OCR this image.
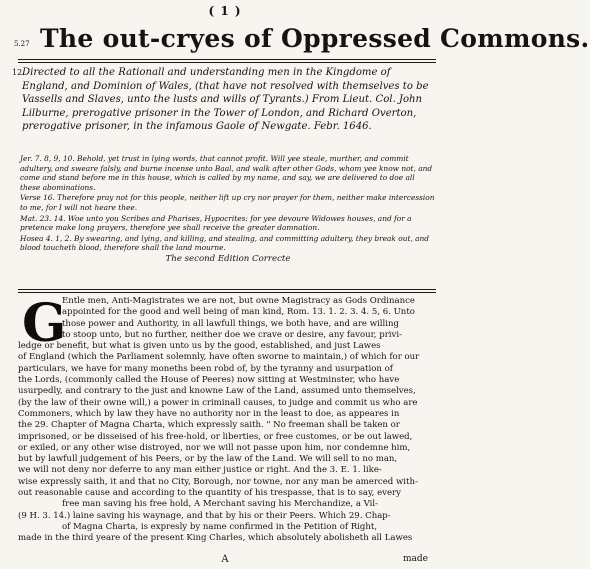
( 1 )
5.27 The out-cryes of Oppressed Commons.
12 Directed to all the Rationall and understanding men in the Kingdome of England, and Dominion of Wales, (that have not resolved with themselves to be Vassells and Slaves, unto the lusts and wills of Tyrants.) From Lieut. Col. John Lilburne, prerogative prisoner in the Tower of London, and Richard Overton, prerogative prisoner, in the infamous Gaole of Newgate. Febr. 1646.

Jer. 7. 8, 9, 10. Behold, yet trust in lying words, that cannot profit. Will yee steale, murther, and commit adultery, and sweare falsly, and burne incense unto Baal, and walk after other Gods, whom yee know not, and come and stand before me in this house, which is called by my name, and say, we are delivered to doe all these abominations.

Verse 16. Therefore pray not for this people, neither lift up cry nor prayer for them, neither make intercession to me, for I will not heare thee.

Mat. 23. 14. Woe unto you Scribes and Pharises, Hypocrites: for yee devoure Widowes houses, and for a pretence make long prayers, therefore yee shall receive the greater damnation.

Hosea 4. 1, 2. By swearing, and lying, and killing, and stealing, and committing adultery, they break out, and blood toucheth blood, therefore shall the land mourne.

The second Edition Correcte
G

Entle men, Anti-Magistrates we are not, but owne Magistracy as Gods Ordinance

appointed for the good and well being of man kind, Rom. 13. 1. 2. 3. 4. 5, 6. Unto

those power and Authority, in all lawfull things, we both have, and are willing

to stoop unto, but no further, neither doe we crave or desire, any favour, privi-

ledge or benefit, but what is given unto us by the good, established, and just Lawes

of England (which the Parliament solemnly, have often sworne to maintain,) of which for our

particulars, we have for many moneths been robd of, by the tyranny and usurpation of

the Lords, (commonly called the House of Peeres) now sitting at Westminster, who have

usurpedly, and contrary to the just and knowne Law of the Land, assumed unto themselves,

(by the law of their owne will,) a power in criminall causes, to judge and commit us who are

Commoners, which by law they have no authority nor in the least to doe, as appeares in

the 29. Chapter of Magna Charta, which expressly saith. " No freeman shall be taken or

imprisoned, or be disseised of his free-hold, or liberties, or free customes, or be out lawed,

or exiled, or any other wise distroyed, nor we will not passe upon him, nor condemne him,

but by lawfull judgement of his Peers, or by the law of the Land. We will sell to no man,

we will not deny nor deferre to any man either justice or right. And the 3. E. 1. like-

wise expressly saith, it and that no City, Borough, nor towne, nor any man be amerced with-

out reasonable cause and according to the quantity of his trespasse, that is to say, every

free man saving his free hold, A Merchant saving his Merchandize, a Vil-

(9 H. 3. 14.) laine saving his waynage, and that by his or their Peers. Which 29. Chap-

of Magna Charta, is expresly by name confirmed in the Petition of Right,

made in the third yeare of the present King Charles, which absolutely abolisheth all Lawes

A	made
